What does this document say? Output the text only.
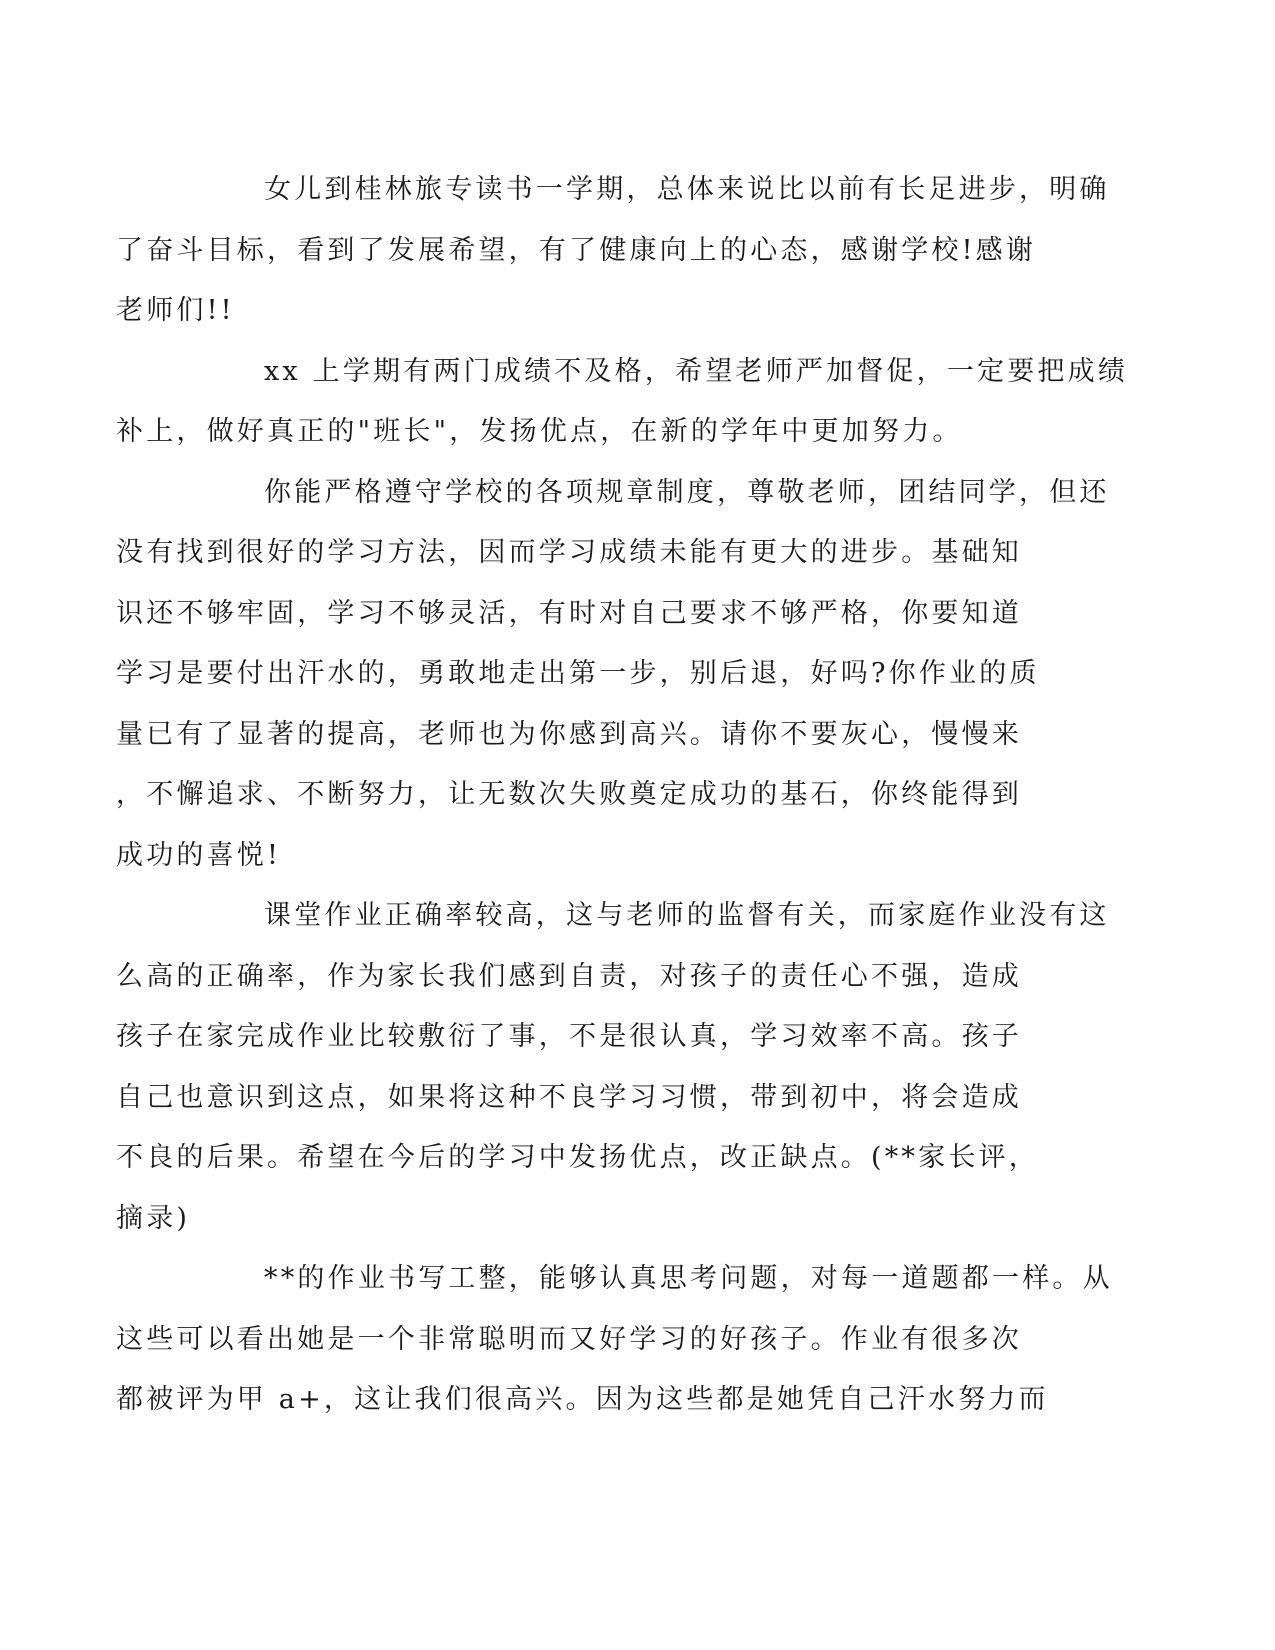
女儿到桂林旅专读书一学期，总体来说比以前有长足进步，明确
了奋斗目标，看到了发展希望，有了健康向上的心态，感谢学校!感谢
老师们!!

xx 上学期有两门成绩不及格，希望老师严加督促，一定要把成绩
补上，做好真正的"班长"，发扬优点，在新的学年中更加努力。

你能严格遵守学校的各项规章制度，尊敬老师，团结同学，但还
没有找到很好的学习方法，因而学习成绩未能有更大的进步。基础知
识还不够牢固，学习不够灵活，有时对自己要求不够严格，你要知道
学习是要付出汗水的，勇敢地走出第一步，别后退，好吗?你作业的质
量已有了显著的提高，老师也为你感到高兴。请你不要灰心，慢慢来
，不懈追求、不断努力，让无数次失败奠定成功的基石，你终能得到
成功的喜悦!

课堂作业正确率较高，这与老师的监督有关，而家庭作业没有这
么高的正确率，作为家长我们感到自责，对孩子的责任心不强，造成
孩子在家完成作业比较敷衍了事，不是很认真，学习效率不高。孩子
自己也意识到这点，如果将这种不良学习习惯，带到初中，将会造成
不良的后果。希望在今后的学习中发扬优点，改正缺点。(**家长评，
摘录)

**的作业书写工整，能够认真思考问题，对每一道题都一样。从
这些可以看出她是一个非常聪明而又好学习的好孩子。作业有很多次
都被评为甲 a+，这让我们很高兴。因为这些都是她凭自己汗水努力而
